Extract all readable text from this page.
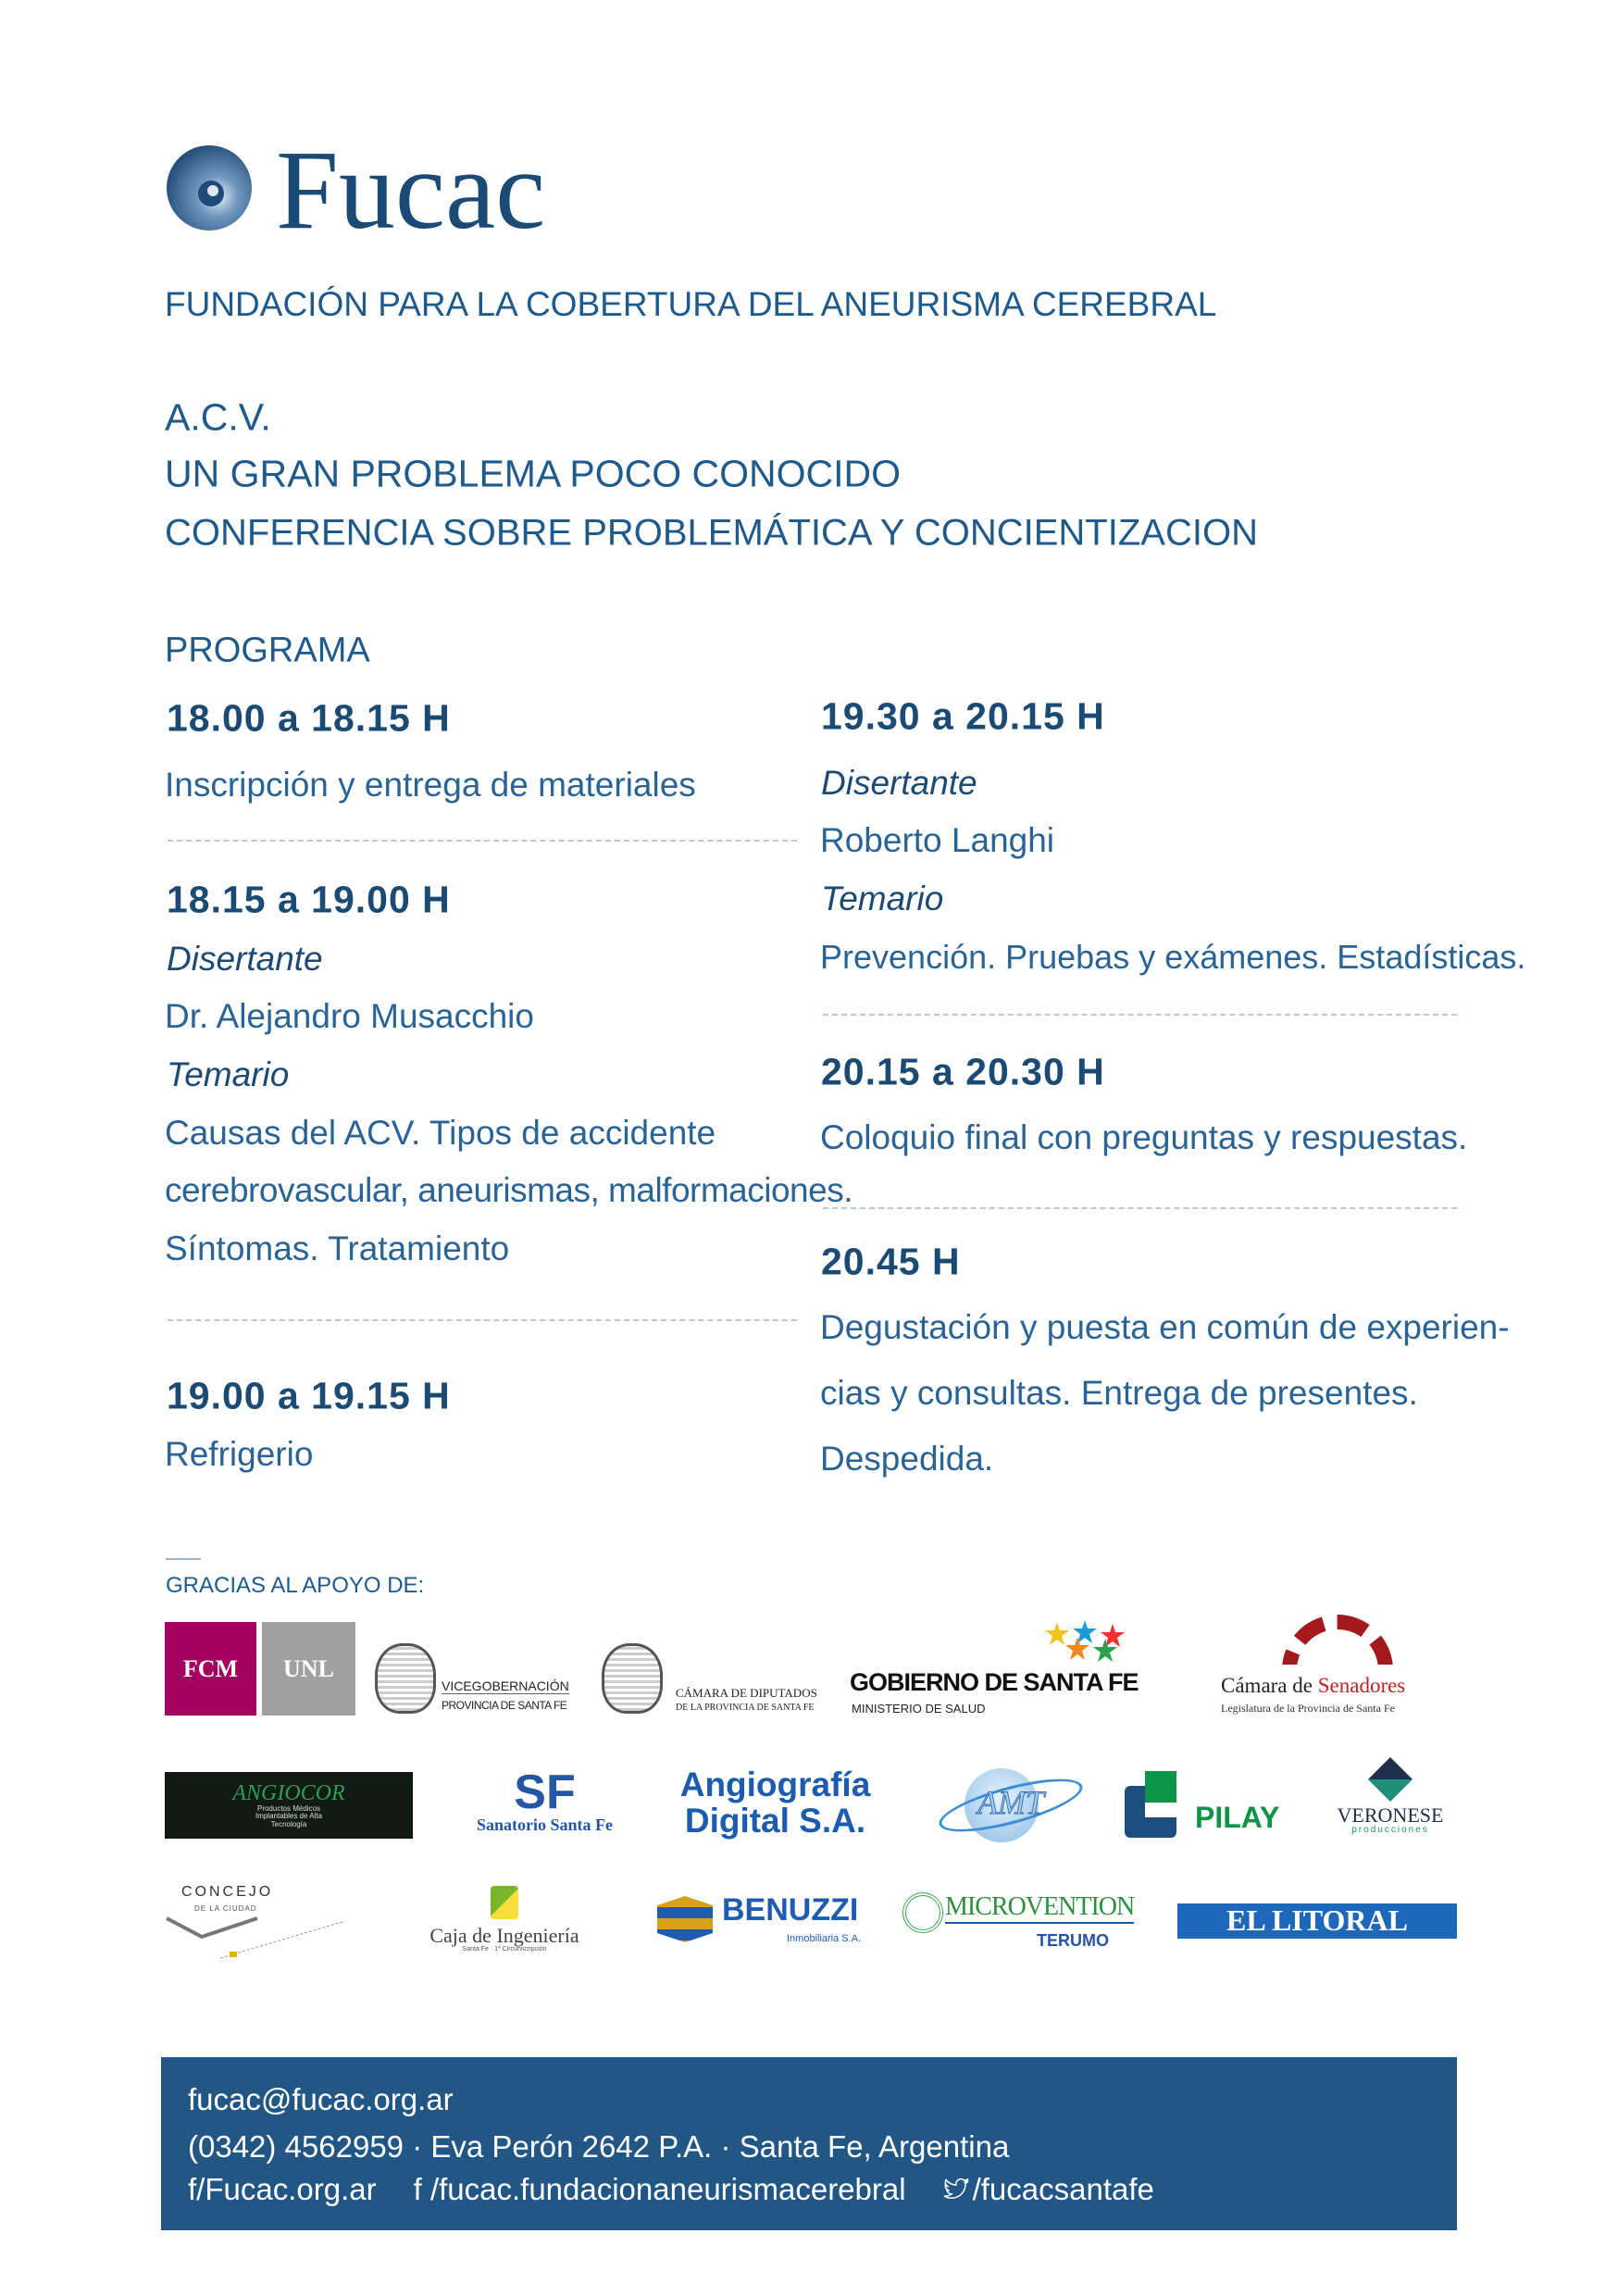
Fucac
FUNDACIÓN PARA LA COBERTURA DEL ANEURISMA CEREBRAL
A.C.V.
UN GRAN PROBLEMA POCO CONOCIDO
CONFERENCIA SOBRE PROBLEMÁTICA Y CONCIENTIZACION
PROGRAMA
18.00 a 18.15 H
Inscripción y entrega de materiales
18.15 a 19.00 H
Disertante
Dr. Alejandro Musacchio
Temario
Causas del ACV. Tipos de accidente
cerebrovascular, aneurismas, malformaciones.
Síntomas. Tratamiento
19.00 a 19.15 H
Refrigerio
19.30 a 20.15 H
Disertante
Roberto Langhi
Temario
Prevención. Pruebas y exámenes. Estadísticas.
20.15 a 20.30 H
Coloquio final con preguntas y respuestas.
20.45 H
Degustación y puesta en común de experien-
cias y consultas. Entrega de presentes.
Despedida.
GRACIAS AL APOYO DE:
FCM UNL
VICEGOBERNACIÓN
PROVINCIA DE SANTA FE
CÁMARA DE DIPUTADOS
DE LA PROVINCIA DE SANTA FE
GOBIERNO DE SANTA FE
MINISTERIO DE SALUD
Cámara de Senadores
Legislatura de la Provincia de Santa Fe
ANGIOCOR
Productos Médicos Implantables de Alta Tecnología
SF
Sanatorio Santa Fe
Angiografía
Digital S.A.	AMT	PILAY	VERONESE
producciones
CONCEJO
DE LA CIUDAD
Caja de Ingeniería
Santa Fe · 1ª Circunscripción
BENUZZI
Inmobiliaria S.A.
MICROVENTION
TERUMO
EL LITORAL
fucac@fucac.org.ar
(0342) 4562959 · Eva Perón 2642 P.A. · Santa Fe, Argentina
f/Fucac.org.ar f /fucac.fundacionaneurismacerebral /fucacsantafe
